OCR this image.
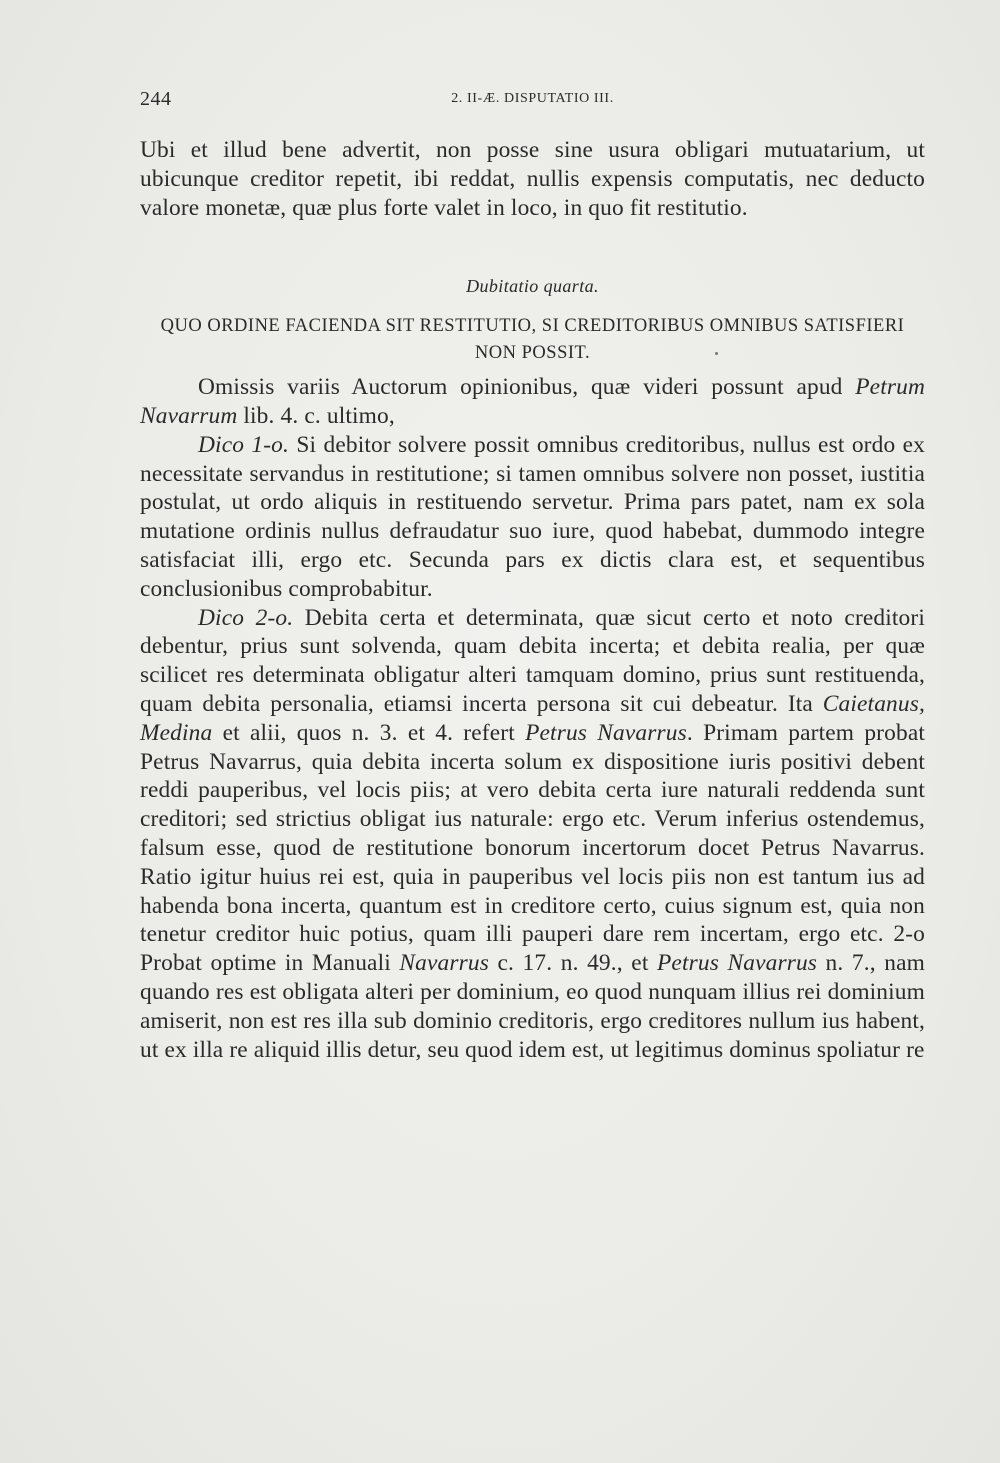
244	2. II-Æ. DISPUTATIO III.

Ubi et illud bene advertit, non posse sine usura obligari mutuatarium, ut ubicunque creditor repetit, ibi reddat, nullis expensis computatis, nec deducto valore monetæ, quæ plus forte valet in loco, in quo fit restitutio.

Dubitatio quarta.
QUO ORDINE FACIENDA SIT RESTITUTIO, SI CREDITORIBUS OMNIBUS SATISFIERI NON POSSIT.

Omissis variis Auctorum opinionibus, quæ videri possunt apud Petrum Navarrum lib. 4. c. ultimo,

Dico 1-o. Si debitor solvere possit omnibus creditoribus, nullus est ordo ex necessitate servandus in restitutione; si tamen omnibus solvere non posset, iustitia postulat, ut ordo aliquis in restituendo servetur. Prima pars patet, nam ex sola mutatione ordinis nullus defraudatur suo iure, quod habebat, dummodo integre satisfaciat illi, ergo etc. Secunda pars ex dictis clara est, et sequentibus conclusionibus comprobabitur.

Dico 2-o. Debita certa et determinata, quæ sicut certo et noto creditori debentur, prius sunt solvenda, quam debita incerta; et debita realia, per quæ scilicet res determinata obligatur alteri tamquam domino, prius sunt restituenda, quam debita personalia, etiamsi incerta persona sit cui debeatur. Ita Caietanus, Medina et alii, quos n. 3. et 4. refert Petrus Navarrus. Primam partem probat Petrus Navarrus, quia debita incerta solum ex dispositione iuris positivi debent reddi pauperibus, vel locis piis; at vero debita certa iure naturali reddenda sunt creditori; sed strictius obligat ius naturale: ergo etc. Verum inferius ostendemus, falsum esse, quod de restitutione bonorum incertorum docet Petrus Navarrus. Ratio igitur huius rei est, quia in pauperibus vel locis piis non est tantum ius ad habenda bona incerta, quantum est in creditore certo, cuius signum est, quia non tenetur creditor huic potius, quam illi pauperi dare rem incertam, ergo etc. 2-o Probat optime in Manuali Navarrus c. 17. n. 49., et Petrus Navarrus n. 7., nam quando res est obligata alteri per dominium, eo quod nunquam illius rei dominium amiserit, non est res illa sub dominio creditoris, ergo creditores nullum ius habent, ut ex illa re aliquid illis detur, seu quod idem est, ut legitimus dominus spoliatur re
